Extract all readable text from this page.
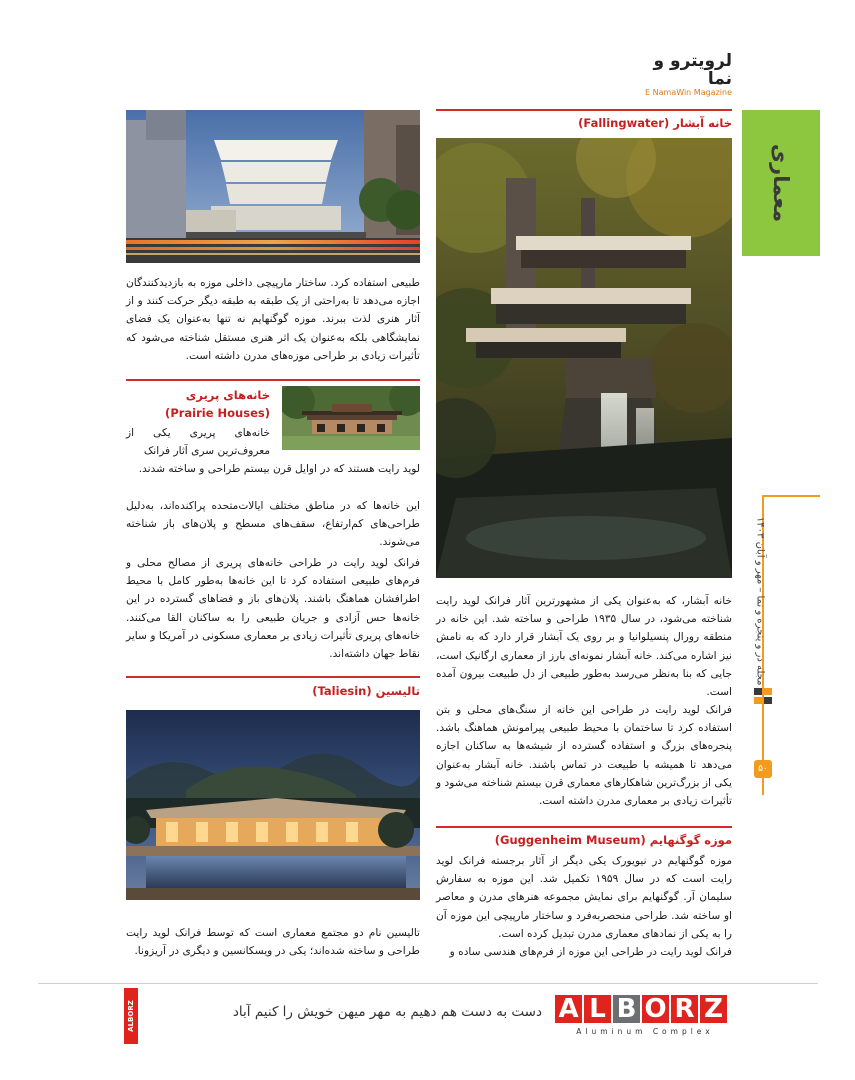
لرویترو و نما
E NamaWin Magazine
معماری
مجله در و پنجره و نما – مهر و آبان ۱۴۰۳
۵۰
خانه آبشار (Fallingwater)
خانه آبشار، که به‌عنوان یکی از مشهورترین آثار فرانک لوید رایت شناخته می‌شود، در سال ۱۹۳۵ طراحی و ساخته شد. این خانه در منطقه رورال پنسیلوانیا و بر روی یک آبشار قرار دارد که به نامش نیز اشاره می‌کند. خانه آبشار نمونه‌ای بارز از معماری ارگانیک است، جایی که بنا به‌نظر می‌رسد به‌طور طبیعی از دل طبیعت بیرون آمده است.
فرانک لوید رایت در طراحی این خانه از سنگ‌های محلی و بتن استفاده کرد تا ساختمان با محیط طبیعی پیرامونش هماهنگ باشد. پنجره‌های بزرگ و استفاده گسترده از شیشه‌ها به ساکنان اجازه می‌دهد تا همیشه با طبیعت در تماس باشند. خانه آبشار به‌عنوان یکی از بزرگ‌ترین شاهکارهای معماری قرن بیستم شناخته می‌شود و تأثیرات زیادی بر معماری مدرن داشته است.
موزه گوگنهایم (Guggenheim Museum)
موزه گوگنهایم در نیویورک یکی دیگر از آثار برجسته فرانک لوید رایت است که در سال ۱۹۵۹ تکمیل شد. این موزه به سفارش سلیمان آر. گوگنهایم برای نمایش مجموعه هنرهای مدرن و معاصر او ساخته شد. طراحی منحصر‌به‌فرد و ساختار مارپیچی این موزه آن را به یکی از نمادهای معماری مدرن تبدیل کرده است.
فرانک لوید رایت در طراحی این موزه از فرم‌های هندسی ساده و
طبیعی استفاده کرد. ساختار مارپیچی داخلی موزه به بازدیدکنندگان اجازه می‌دهد تا به‌راحتی از یک طبقه به طبقه دیگر حرکت کنند و از آثار هنری لذت ببرند. موزه گوگنهایم نه تنها به‌عنوان یک فضای نمایشگاهی بلکه به‌عنوان یک اثر هنری مستقل شناخته می‌شود که تأثیرات زیادی بر طراحی موزه‌های مدرن داشته است.
خانه‌های پریری
(Prairie Houses)
خانه‌های پریری یکی از معروف‌ترین سری آثار فرانک
لوید رایت هستند که در اوایل قرن بیستم طراحی و ساخته شدند.
این خانه‌ها که در مناطق مختلف ایالات‌متحده پراکنده‌اند، به‌دلیل طراحی‌های کم‌ارتفاع، سقف‌های مسطح و پلان‌های باز شناخته می‌شوند.
فرانک لوید رایت در طراحی خانه‌های پریری از مصالح محلی و فرم‌های طبیعی استفاده کرد تا این خانه‌ها به‌طور کامل با محیط اطرافشان هماهنگ باشند. پلان‌های باز و فضاهای گسترده در این خانه‌ها حس آزادی و جریان طبیعی را به ساکنان القا می‌کنند. خانه‌های پریری تأثیرات زیادی بر معماری مسکونی در آمریکا و سایر نقاط جهان داشته‌اند.
تالیسین (Taliesin)
تالیسین نام دو مجتمع معماری است که توسط فرانک لوید رایت طراحی و ساخته شده‌اند؛ یکی در ویسکانسین و دیگری در آریزونا.
A L B O R Z
Aluminum Complex
دست به دست هم دهیم به مهر میهن خویش را کنیم آباد
ALBORZ
